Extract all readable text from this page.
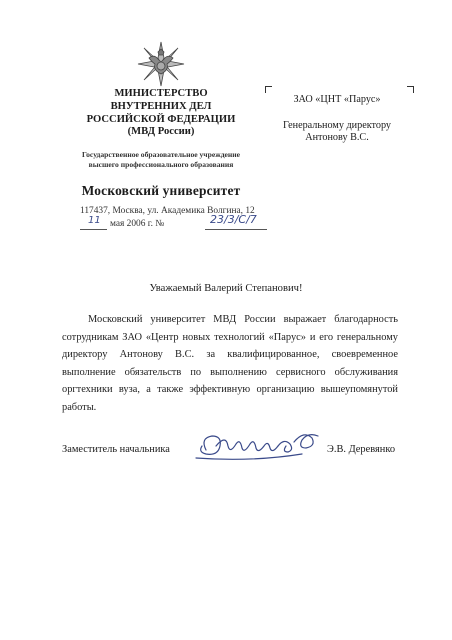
МИНИСТЕРСТВО
ВНУТРЕННИХ ДЕЛ
РОССИЙСКОЙ ФЕДЕРАЦИИ
(МВД России)
Государственное образовательное учреждение
высшего профессионального образования
Московский университет
117437, Москва, ул. Академика Волгина, 12
11 мая 2006 г. №	23/3/С/7
ЗАО «ЦНТ «Парус»
Генеральному директору
Антонову В.С.
Уважаемый Валерий Степанович!
Московский университет МВД России выражает благодарность сотрудникам ЗАО «Центр новых технологий «Парус» и его генеральному директору Антонову В.С. за квалифицированное, своевременное выполнение обязательств по выполнению сервисного обслуживания оргтехники вуза, а также эффективную организацию вышеупомянутой работы.
Заместитель начальника	Э.В. Деревянко
